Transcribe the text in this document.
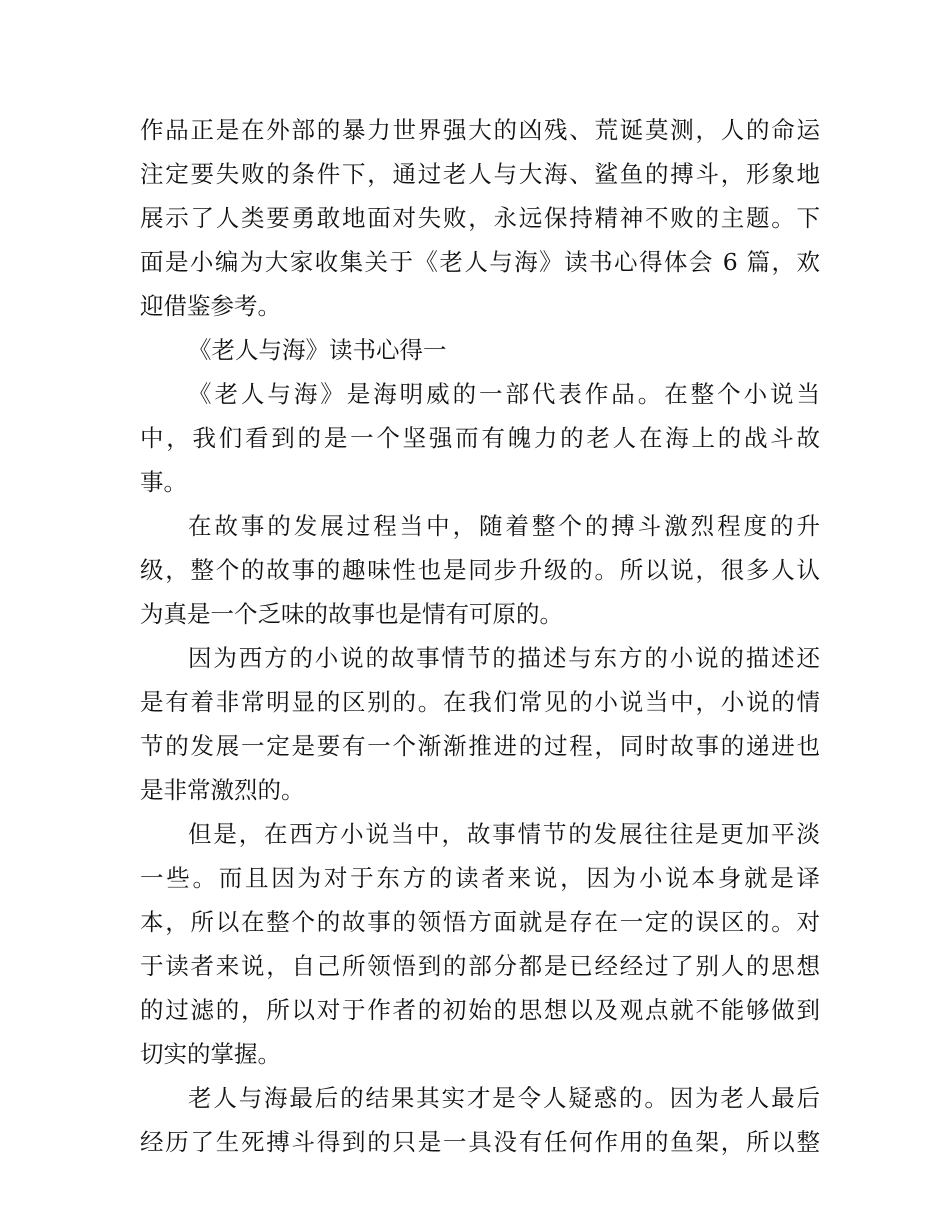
作品正是在外部的暴力世界强大的凶残、荒诞莫测，人的命运
注定要失败的条件下，通过老人与大海、鲨鱼的搏斗，形象地
展示了人类要勇敢地面对失败，永远保持精神不败的主题。下
面是小编为大家收集关于《老人与海》读书心得体会 6 篇，欢
迎借鉴参考。
《老人与海》读书心得一
《老人与海》是海明威的一部代表作品。在整个小说当
中，我们看到的是一个坚强而有魄力的老人在海上的战斗故
事。
在故事的发展过程当中，随着整个的搏斗激烈程度的升
级，整个的故事的趣味性也是同步升级的。所以说，很多人认
为真是一个乏味的故事也是情有可原的。
因为西方的小说的故事情节的描述与东方的小说的描述还
是有着非常明显的区别的。在我们常见的小说当中，小说的情
节的发展一定是要有一个渐渐推进的过程，同时故事的递进也
是非常激烈的。
但是，在西方小说当中，故事情节的发展往往是更加平淡
一些。而且因为对于东方的读者来说，因为小说本身就是译
本，所以在整个的故事的领悟方面就是存在一定的误区的。对
于读者来说，自己所领悟到的部分都是已经经过了别人的思想
的过滤的，所以对于作者的初始的思想以及观点就不能够做到
切实的掌握。
老人与海最后的结果其实才是令人疑惑的。因为老人最后
经历了生死搏斗得到的只是一具没有任何作用的鱼架，所以整
